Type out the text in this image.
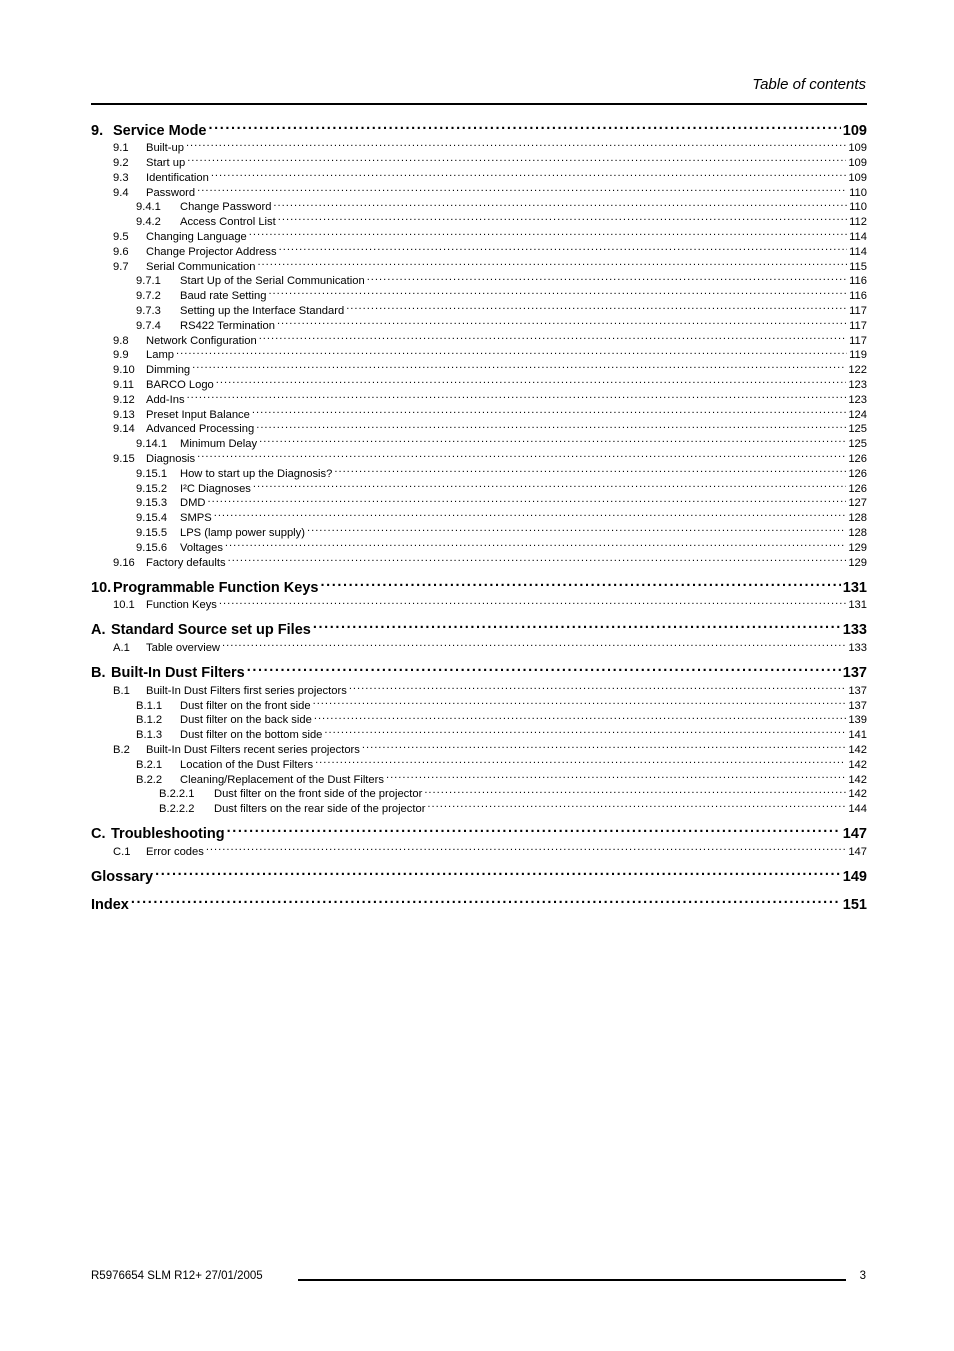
Table of contents
9. Service Mode .....	109
9.1	Built-up .....	109
9.2	Start up .....	109
9.3	Identification .....	109
9.4	Password .....	110
9.4.1	Change Password .....	110
9.4.2	Access Control List .....	112
9.5	Changing Language .....	114
9.6	Change Projector Address .....	114
9.7	Serial Communication .....	115
9.7.1	Start Up of the Serial Communication .....	116
9.7.2	Baud rate Setting .....	116
9.7.3	Setting up the Interface Standard .....	117
9.7.4	RS422 Termination .....	117
9.8	Network Configuration .....	117
9.9	Lamp .....	119
9.10	Dimming .....	122
9.11	BARCO Logo .....	123
9.12	Add-Ins .....	123
9.13	Preset Input Balance .....	124
9.14	Advanced Processing .....	125
9.14.1	Minimum Delay .....	125
9.15	Diagnosis .....	126
9.15.1	How to start up the Diagnosis? .....	126
9.15.2	I²C Diagnoses .....	126
9.15.3	DMD .....	127
9.15.4	SMPS .....	128
9.15.5	LPS (lamp power supply) .....	128
9.15.6	Voltages .....	129
9.16	Factory defaults .....	129
10. Programmable Function Keys .....	131
10.1	Function Keys .....	131
A. Standard Source set up Files .....	133
A.1	Table overview .....	133
B. Built-In Dust Filters .....	137
B.1	Built-In Dust Filters first series projectors .....	137
B.1.1	Dust filter on the front side .....	137
B.1.2	Dust filter on the back side .....	139
B.1.3	Dust filter on the bottom side .....	141
B.2	Built-In Dust Filters recent series projectors .....	142
B.2.1	Location of the Dust Filters .....	142
B.2.2	Cleaning/Replacement of the Dust Filters .....	142
B.2.2.1	Dust filter on the front side of the projector .....	142
B.2.2.2	Dust filters on the rear side of the projector .....	144
C. Troubleshooting .....	147
C.1	Error codes .....	147
Glossary .....	149
Index .....	151
R5976654 SLM R12+ 27/01/2005	3
